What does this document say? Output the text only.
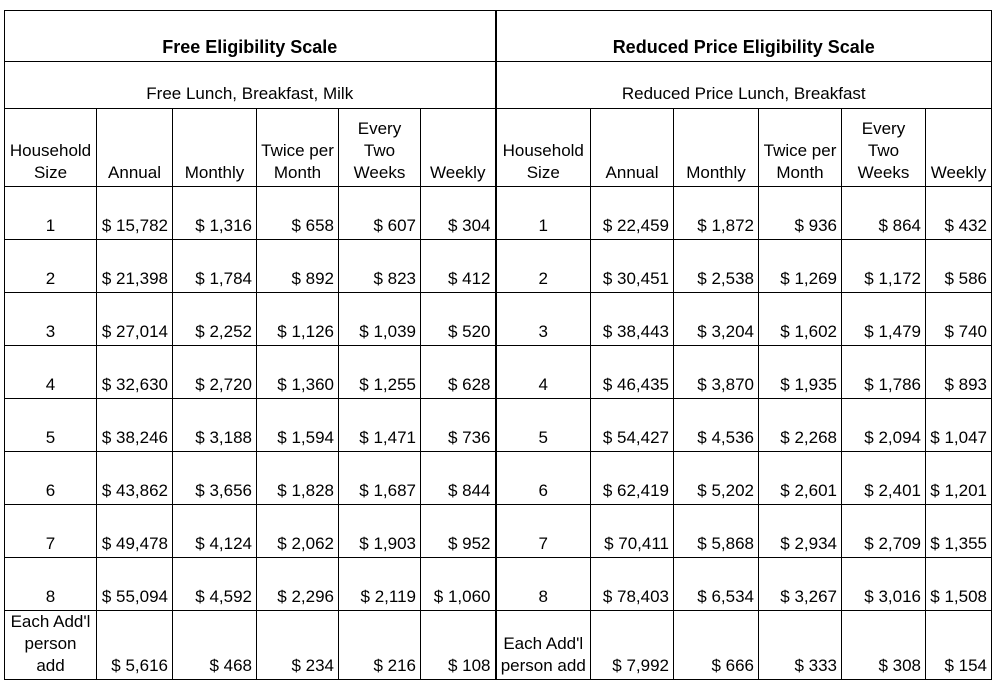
Free Eligibility Scale						Reduced Price Eligibility Scale					
Free Lunch, Breakfast, Milk						Reduced Price Lunch, Breakfast					
Household Size	Annual	Monthly	Twice per Month	Every Two Weeks	Weekly	Household Size	Annual	Monthly	Twice per Month	Every Two Weeks	Weekly
1	$ 15,782	$ 1,316	$ 658	$ 607	$ 304	1	$ 22,459	$ 1,872	$ 936	$ 864	$ 432
2	$ 21,398	$ 1,784	$ 892	$ 823	$ 412	2	$ 30,451	$ 2,538	$ 1,269	$ 1,172	$ 586
3	$ 27,014	$ 2,252	$ 1,126	$ 1,039	$ 520	3	$ 38,443	$ 3,204	$ 1,602	$ 1,479	$ 740
4	$ 32,630	$ 2,720	$ 1,360	$ 1,255	$ 628	4	$ 46,435	$ 3,870	$ 1,935	$ 1,786	$ 893
5	$ 38,246	$ 3,188	$ 1,594	$ 1,471	$ 736	5	$ 54,427	$ 4,536	$ 2,268	$ 2,094	$ 1,047
6	$ 43,862	$ 3,656	$ 1,828	$ 1,687	$ 844	6	$ 62,419	$ 5,202	$ 2,601	$ 2,401	$ 1,201
7	$ 49,478	$ 4,124	$ 2,062	$ 1,903	$ 952	7	$ 70,411	$ 5,868	$ 2,934	$ 2,709	$ 1,355
8	$ 55,094	$ 4,592	$ 2,296	$ 2,119	$ 1,060	8	$ 78,403	$ 6,534	$ 3,267	$ 3,016	$ 1,508
Each Add'l person add	$ 5,616	$ 468	$ 234	$ 216	$ 108	Each Add'l person add	$ 7,992	$ 666	$ 333	$ 308	$ 154
